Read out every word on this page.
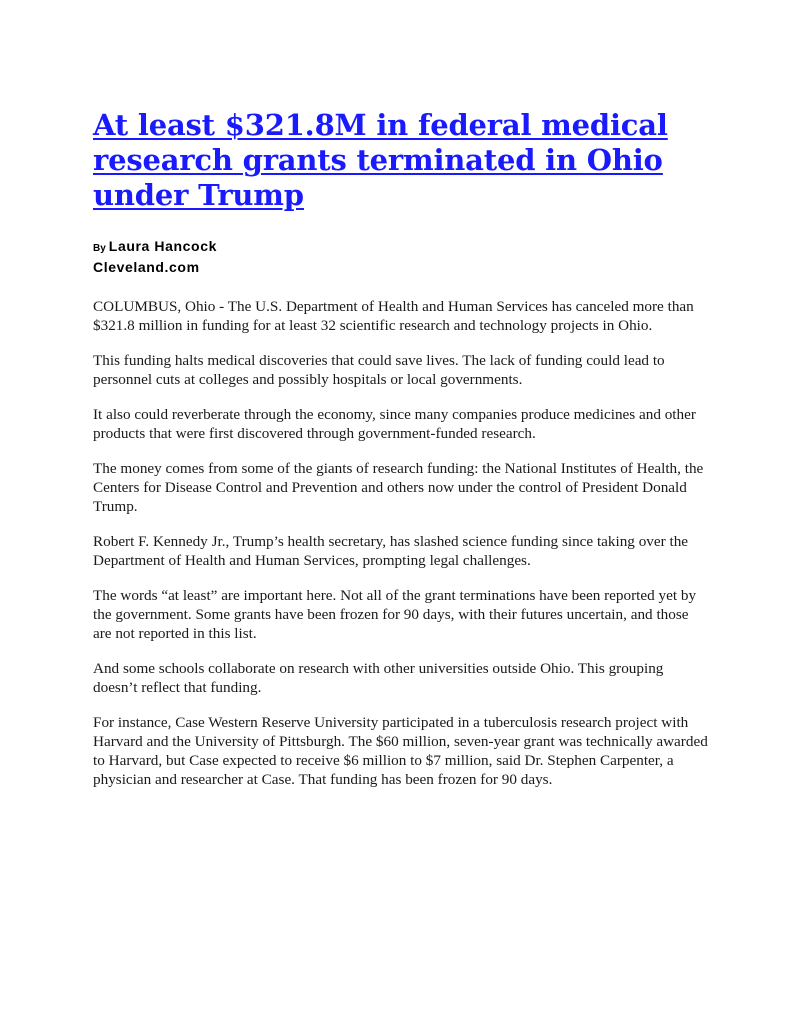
At least $321.8M in federal medical research grants terminated in Ohio under Trump
By Laura Hancock
Cleveland.com

COLUMBUS, Ohio - The U.S. Department of Health and Human Services has canceled more than $321.8 million in funding for at least 32 scientific research and technology projects in Ohio.

This funding halts medical discoveries that could save lives. The lack of funding could lead to personnel cuts at colleges and possibly hospitals or local governments.

It also could reverberate through the economy, since many companies produce medicines and other products that were first discovered through government-funded research.

The money comes from some of the giants of research funding: the National Institutes of Health, the Centers for Disease Control and Prevention and others now under the control of President Donald Trump.

Robert F. Kennedy Jr., Trump’s health secretary, has slashed science funding since taking over the Department of Health and Human Services, prompting legal challenges.

The words “at least” are important here. Not all of the grant terminations have been reported yet by the government. Some grants have been frozen for 90 days, with their futures uncertain, and those are not reported in this list.

And some schools collaborate on research with other universities outside Ohio. This grouping doesn’t reflect that funding.

For instance, Case Western Reserve University participated in a tuberculosis research project with Harvard and the University of Pittsburgh. The $60 million, seven-year grant was technically awarded to Harvard, but Case expected to receive $6 million to $7 million, said Dr. Stephen Carpenter, a physician and researcher at Case. That funding has been frozen for 90 days.
